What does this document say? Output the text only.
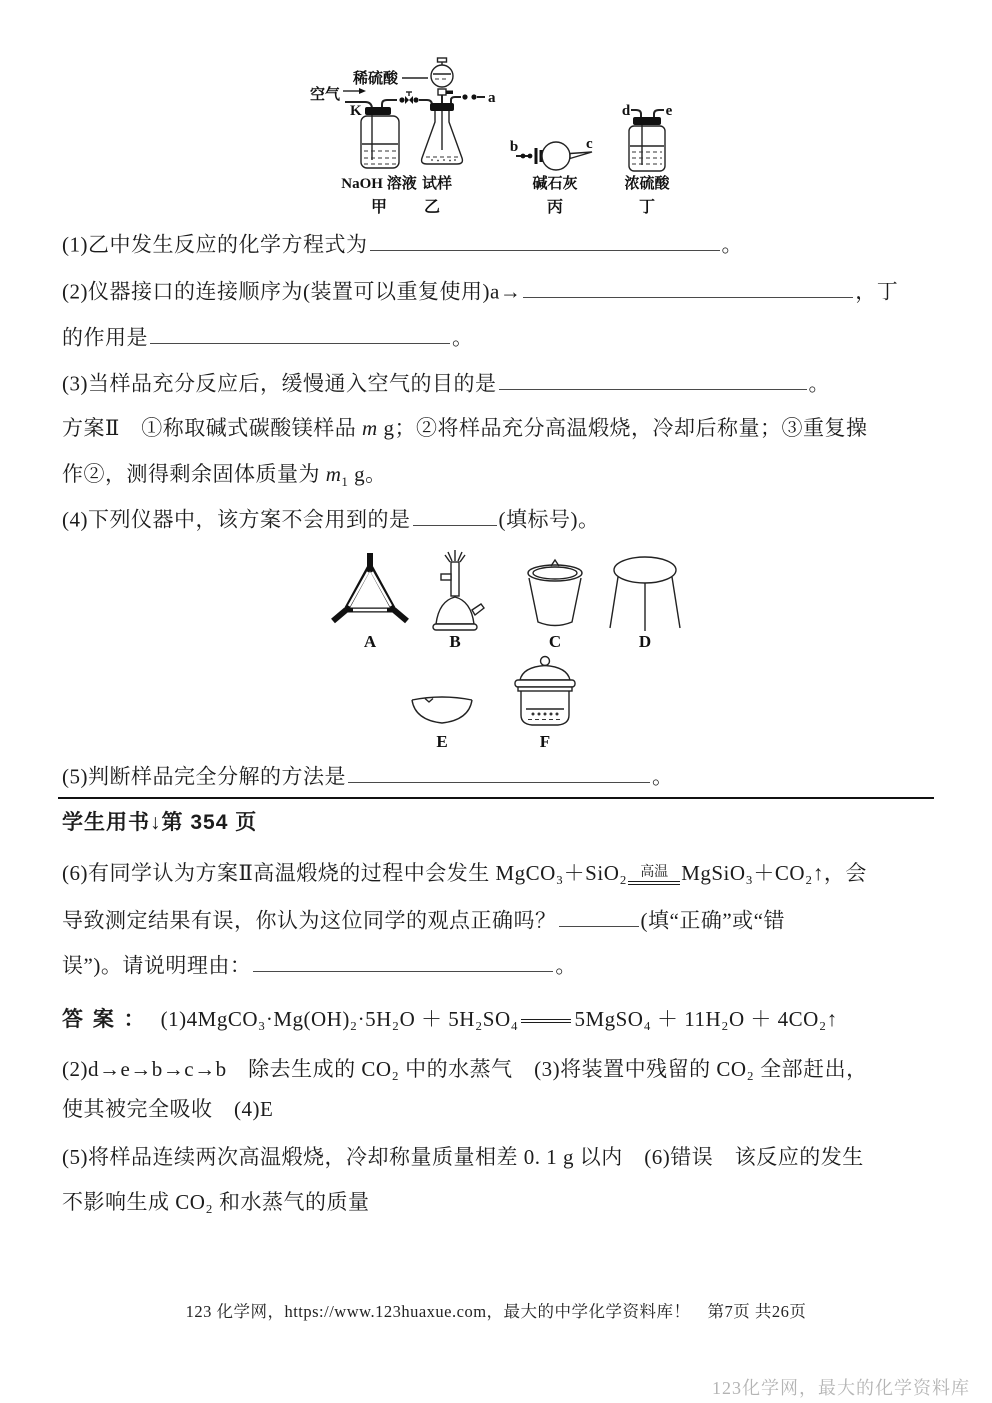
空气
K
稀硫酸
a
b	c
d e
NaOH 溶液 试样	碱石灰	浓硫酸
甲 乙	丙	丁
(1)乙中发生反应的化学方程式为	。
(2)仪器接口的连接顺序为(装置可以重复使用)a→	，丁
的作用是	。
(3)当样品充分反应后，缓慢通入空气的目的是	。
方案Ⅱ　①称取碱式碳酸镁样品 m g；②将样品充分高温煅烧，冷却后称量；③重复操
作②，测得剩余固体质量为 $m_1$ g。
(4)下列仪器中，该方案不会用到的是	(填标号)。
A	B	C	D
E	F
(5)判断样品完全分解的方法是	。
学生用书↓第 354 页
(6)有同学认为方案Ⅱ高温煅烧的过程中会发生 MgCO₃＋SiO₂ 高温 MgSiO₃＋CO₂↑，会
导致测定结果有误，你认为这位同学的观点正确吗？	(填“正确”或“错
误”)。请说明理由：	。
答 案 ： (1)4MgCO₃·Mg(OH)₂·5H₂O ＋ 5H₂SO₄	5MgSO₄ ＋ 11H₂O ＋ 4CO₂↑
(2)d→e→b→c→b　除去生成的 CO₂ 中的水蒸气　(3)将装置中残留的 CO₂ 全部赶出，
使其被完全吸收　(4)E
(5)将样品连续两次高温煅烧，冷却称量质量相差 0. 1 g 以内　(6)错误　该反应的发生
不影响生成 CO₂ 和水蒸气的质量
123 化学网，https://www.123huaxue.com，最大的中学化学资料库！　第7页 共26页
123化学网，最大的化学资料库
